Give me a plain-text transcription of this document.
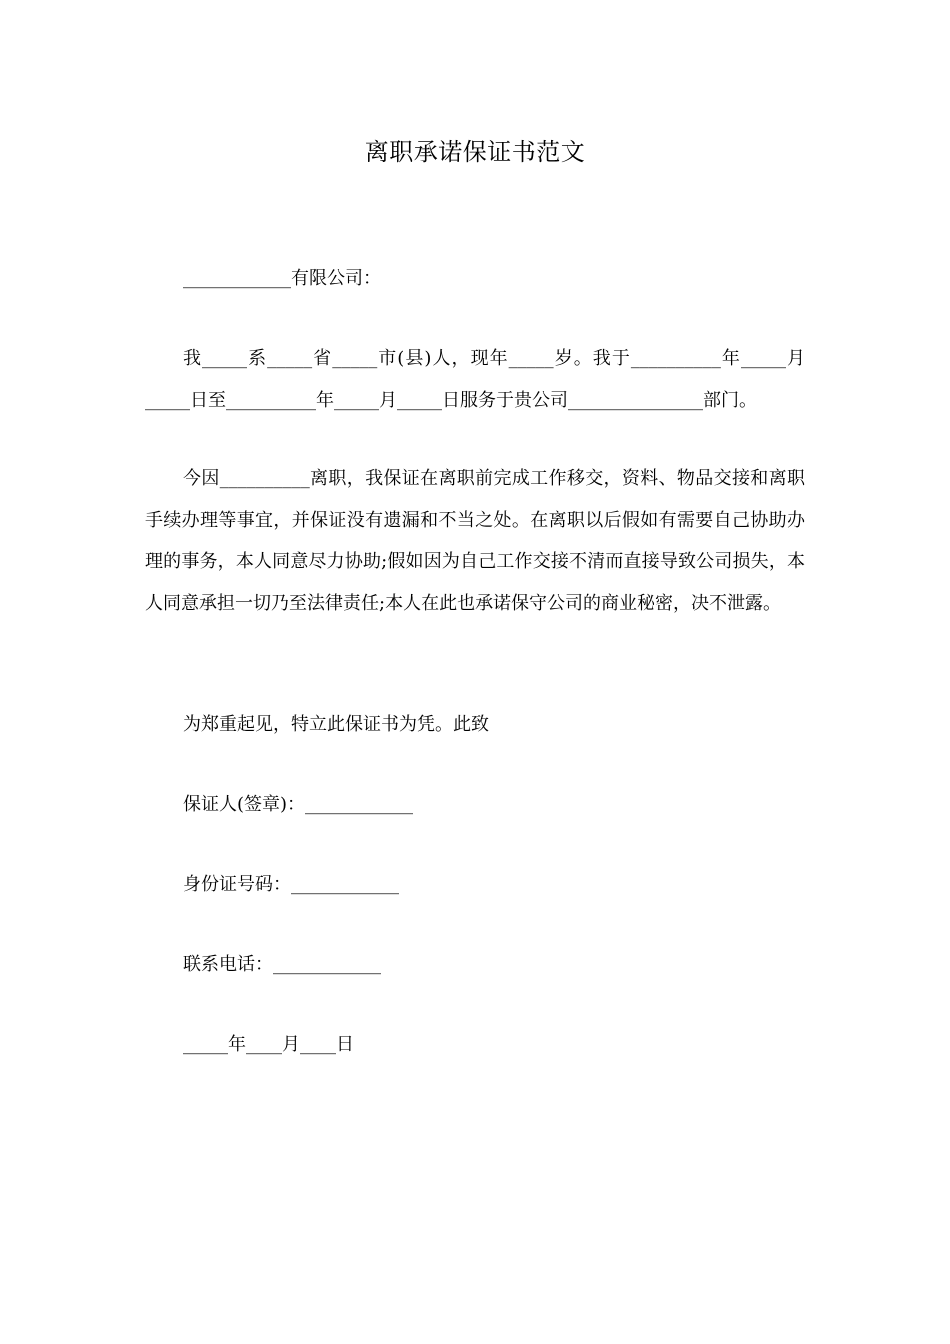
离职承诺保证书范文
____________有限公司：
我_____系_____省_____市(县)人，现年_____岁。我于__________年_____月_____日至__________年_____月_____日服务于贵公司_______________部门。
今因__________离职，我保证在离职前完成工作移交，资料、物品交接和离职手续办理等事宜，并保证没有遗漏和不当之处。在离职以后假如有需要自己协助办理的事务，本人同意尽力协助;假如因为自己工作交接不清而直接导致公司损失，本人同意承担一切乃至法律责任;本人在此也承诺保守公司的商业秘密，决不泄露。
为郑重起见，特立此保证书为凭。此致
保证人(签章)：____________
身份证号码：____________
联系电话：____________
_____年____月____日
